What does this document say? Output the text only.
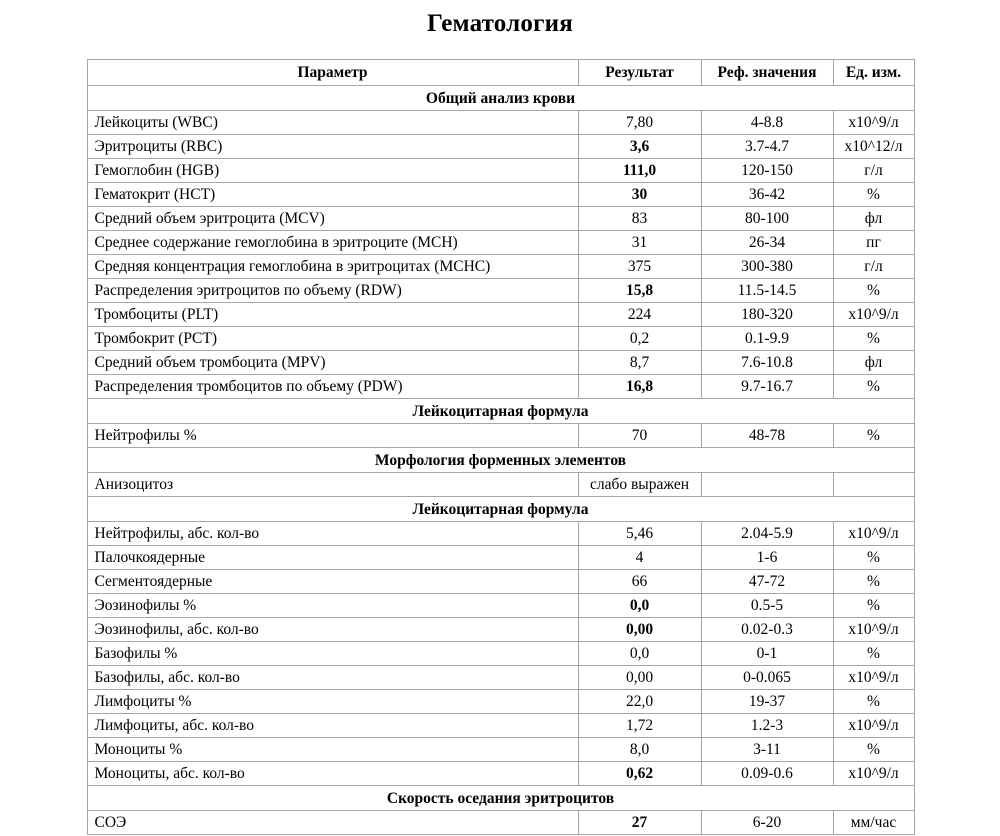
Гематология
Параметр	Результат	Реф. значения	Ед. изм.
Общий анализ крови			
Лейкоциты (WBC)	7,80	4-8.8	х10^9/л
Эритроциты (RBC)	3,6	3.7-4.7	х10^12/л
Гемоглобин (HGB)	111,0	120-150	г/л
Гематокрит (HCT)	30	36-42	%
Средний объем эритроцита (MCV)	83	80-100	фл
Среднее содержание гемоглобина в эритроците (MCH)	31	26-34	пг
Средняя концентрация гемоглобина в эритроцитах (MCHC)	375	300-380	г/л
Распределения эритроцитов по объему (RDW)	15,8	11.5-14.5	%
Тромбоциты (PLT)	224	180-320	х10^9/л
Тромбокрит (PCT)	0,2	0.1-9.9	%
Средний объем тромбоцита (MPV)	8,7	7.6-10.8	фл
Распределения тромбоцитов по объему (PDW)	16,8	9.7-16.7	%
Лейкоцитарная формула			
Нейтрофилы %	70	48-78	%
Морфология форменных элементов			
Анизоцитоз	слабо выражен		
Лейкоцитарная формула			
Нейтрофилы, абс. кол-во	5,46	2.04-5.9	х10^9/л
Палочкоядерные	4	1-6	%
Сегментоядерные	66	47-72	%
Эозинофилы %	0,0	0.5-5	%
Эозинофилы, абс. кол-во	0,00	0.02-0.3	х10^9/л
Базофилы %	0,0	0-1	%
Базофилы, абс. кол-во	0,00	0-0.065	х10^9/л
Лимфоциты %	22,0	19-37	%
Лимфоциты, абс. кол-во	1,72	1.2-3	х10^9/л
Моноциты %	8,0	3-11	%
Моноциты, абс. кол-во	0,62	0.09-0.6	х10^9/л
Скорость оседания эритроцитов			
СОЭ	27	6-20	мм/час
